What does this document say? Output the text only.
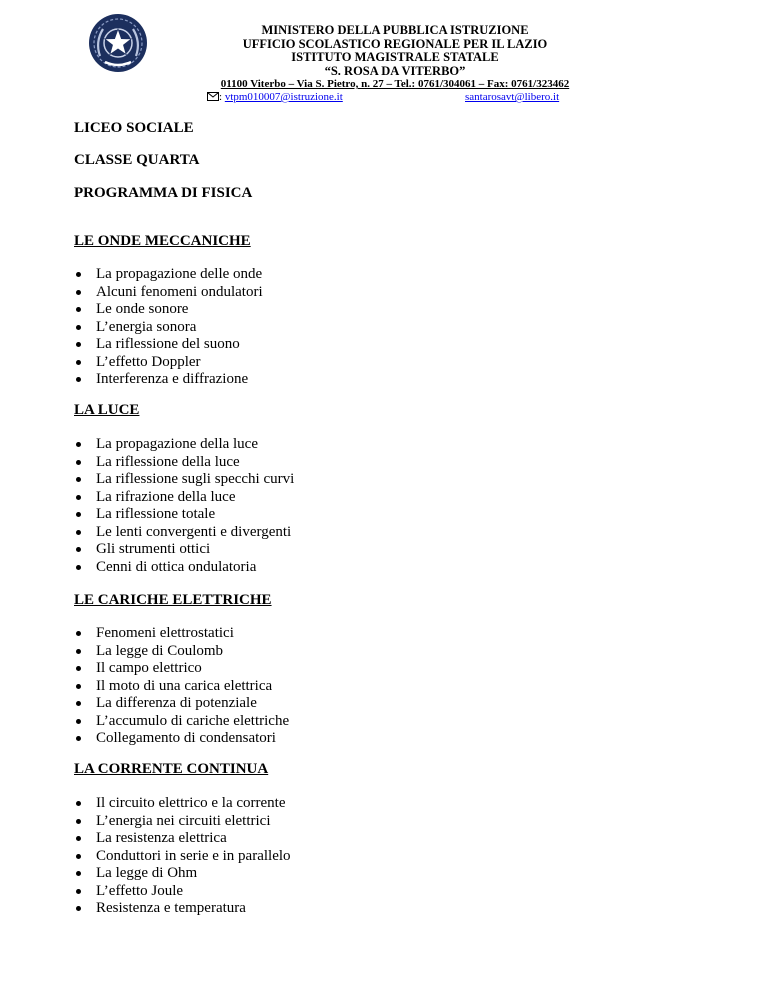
MINISTERO DELLA PUBBLICA ISTRUZIONE
UFFICIO SCOLASTICO REGIONALE PER IL LAZIO
ISTITUTO MAGISTRALE STATALE
“S. ROSA DA VITERBO”
01100 Viterbo – Via S. Pietro, n. 27 – Tel.: 0761/304061 – Fax: 0761/323462
: vtpm010007@istruzione.it	santarosavt@libero.it
LICEO SOCIALE
CLASSE QUARTA
PROGRAMMA DI FISICA
LE ONDE MECCANICHE
La propagazione delle onde
Alcuni fenomeni ondulatori
Le onde sonore
L’energia sonora
La riflessione del suono
L’effetto Doppler
Interferenza e diffrazione
LA LUCE
La propagazione della luce
La riflessione della luce
La riflessione sugli specchi curvi
La rifrazione della luce
La riflessione totale
Le lenti convergenti e divergenti
Gli strumenti ottici
Cenni di ottica ondulatoria
LE CARICHE ELETTRICHE
Fenomeni elettrostatici
La legge di Coulomb
Il campo elettrico
Il moto di una carica elettrica
La differenza di potenziale
L’accumulo di cariche elettriche
Collegamento di condensatori
LA CORRENTE CONTINUA
Il circuito elettrico e la corrente
L’energia nei circuiti elettrici
La resistenza elettrica
Conduttori in serie e in parallelo
La legge di Ohm
L’effetto Joule
Resistenza e temperatura
